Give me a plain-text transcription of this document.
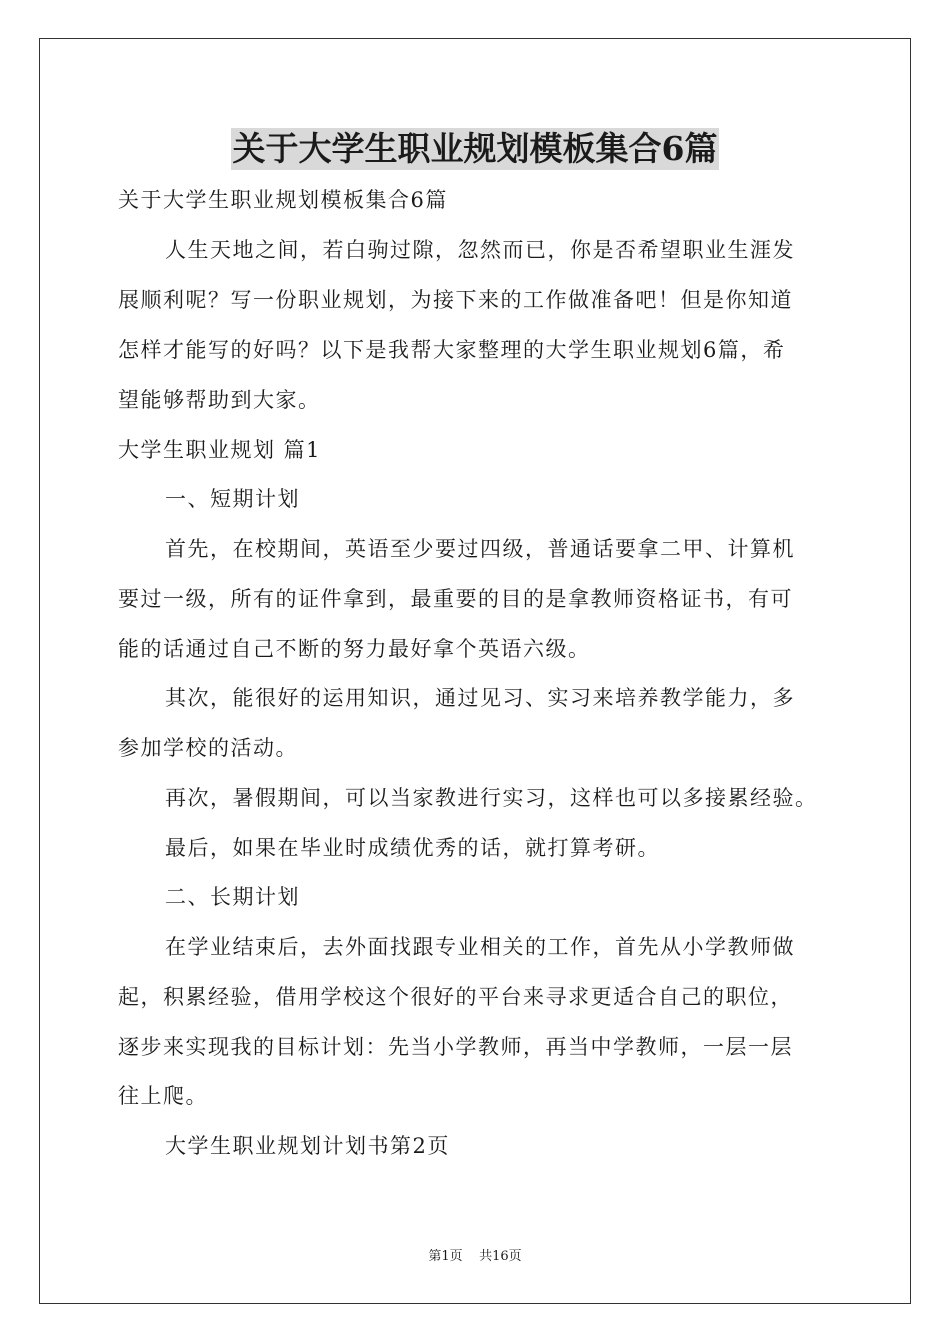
关于大学生职业规划模板集合6篇
关于大学生职业规划模板集合6篇
人生天地之间，若白驹过隙，忽然而已，你是否希望职业生涯发
展顺利呢？写一份职业规划，为接下来的工作做准备吧！但是你知道
怎样才能写的好吗？以下是我帮大家整理的大学生职业规划6篇，希
望能够帮助到大家。
大学生职业规划 篇1
一、短期计划
首先，在校期间，英语至少要过四级，普通话要拿二甲、计算机
要过一级，所有的证件拿到，最重要的目的是拿教师资格证书，有可
能的话通过自己不断的努力最好拿个英语六级。
其次，能很好的运用知识，通过见习、实习来培养教学能力，多
参加学校的活动。
再次，暑假期间，可以当家教进行实习，这样也可以多接累经验。
最后，如果在毕业时成绩优秀的话，就打算考研。
二、长期计划
在学业结束后，去外面找跟专业相关的工作，首先从小学教师做
起，积累经验，借用学校这个很好的平台来寻求更适合自己的职位，
逐步来实现我的目标计划：先当小学教师，再当中学教师，一层一层
往上爬。
大学生职业规划计划书第2页
第1页    共16页
